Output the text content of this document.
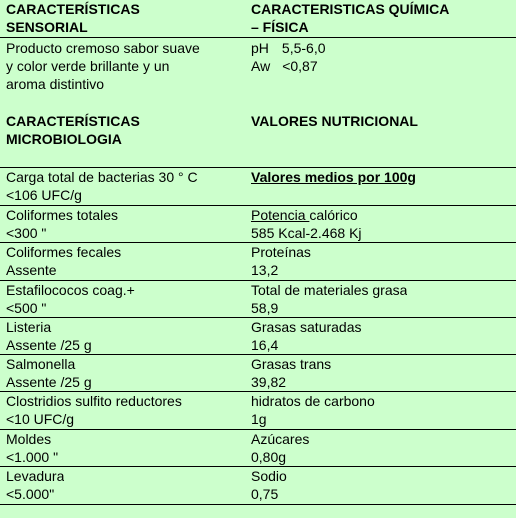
CARACTERÍSTICAS
SENSORIAL
CARACTERISTICAS QUÍMICA
– FÍSICA
Producto cremoso sabor suave
y color verde brillante y un
aroma distintivo
pH 5,5-6,0
Aw <0,87
CARACTERÍSTICAS
MICROBIOLOGIA
VALORES NUTRICIONAL
Carga total de bacterias 30 ° C
<106 UFC/g
Valores medios por 100g
Coliformes totales
<300 "
Potencia calórico
585 Kcal-2.468 Kj
Coliformes fecales
Assente
Proteínas
13,2
Estafilococos coag.+
<500 "
Total de materiales grasa
58,9
Listeria
Assente /25 g
Grasas saturadas
16,4
Salmonella
Assente /25 g
Grasas trans
39,82
Clostridios sulfito reductores
<10 UFC/g
hidratos de carbono
1g
Moldes
<1.000 "
Azúcares
0,80g
Levadura
<5.000"
Sodio
0,75
